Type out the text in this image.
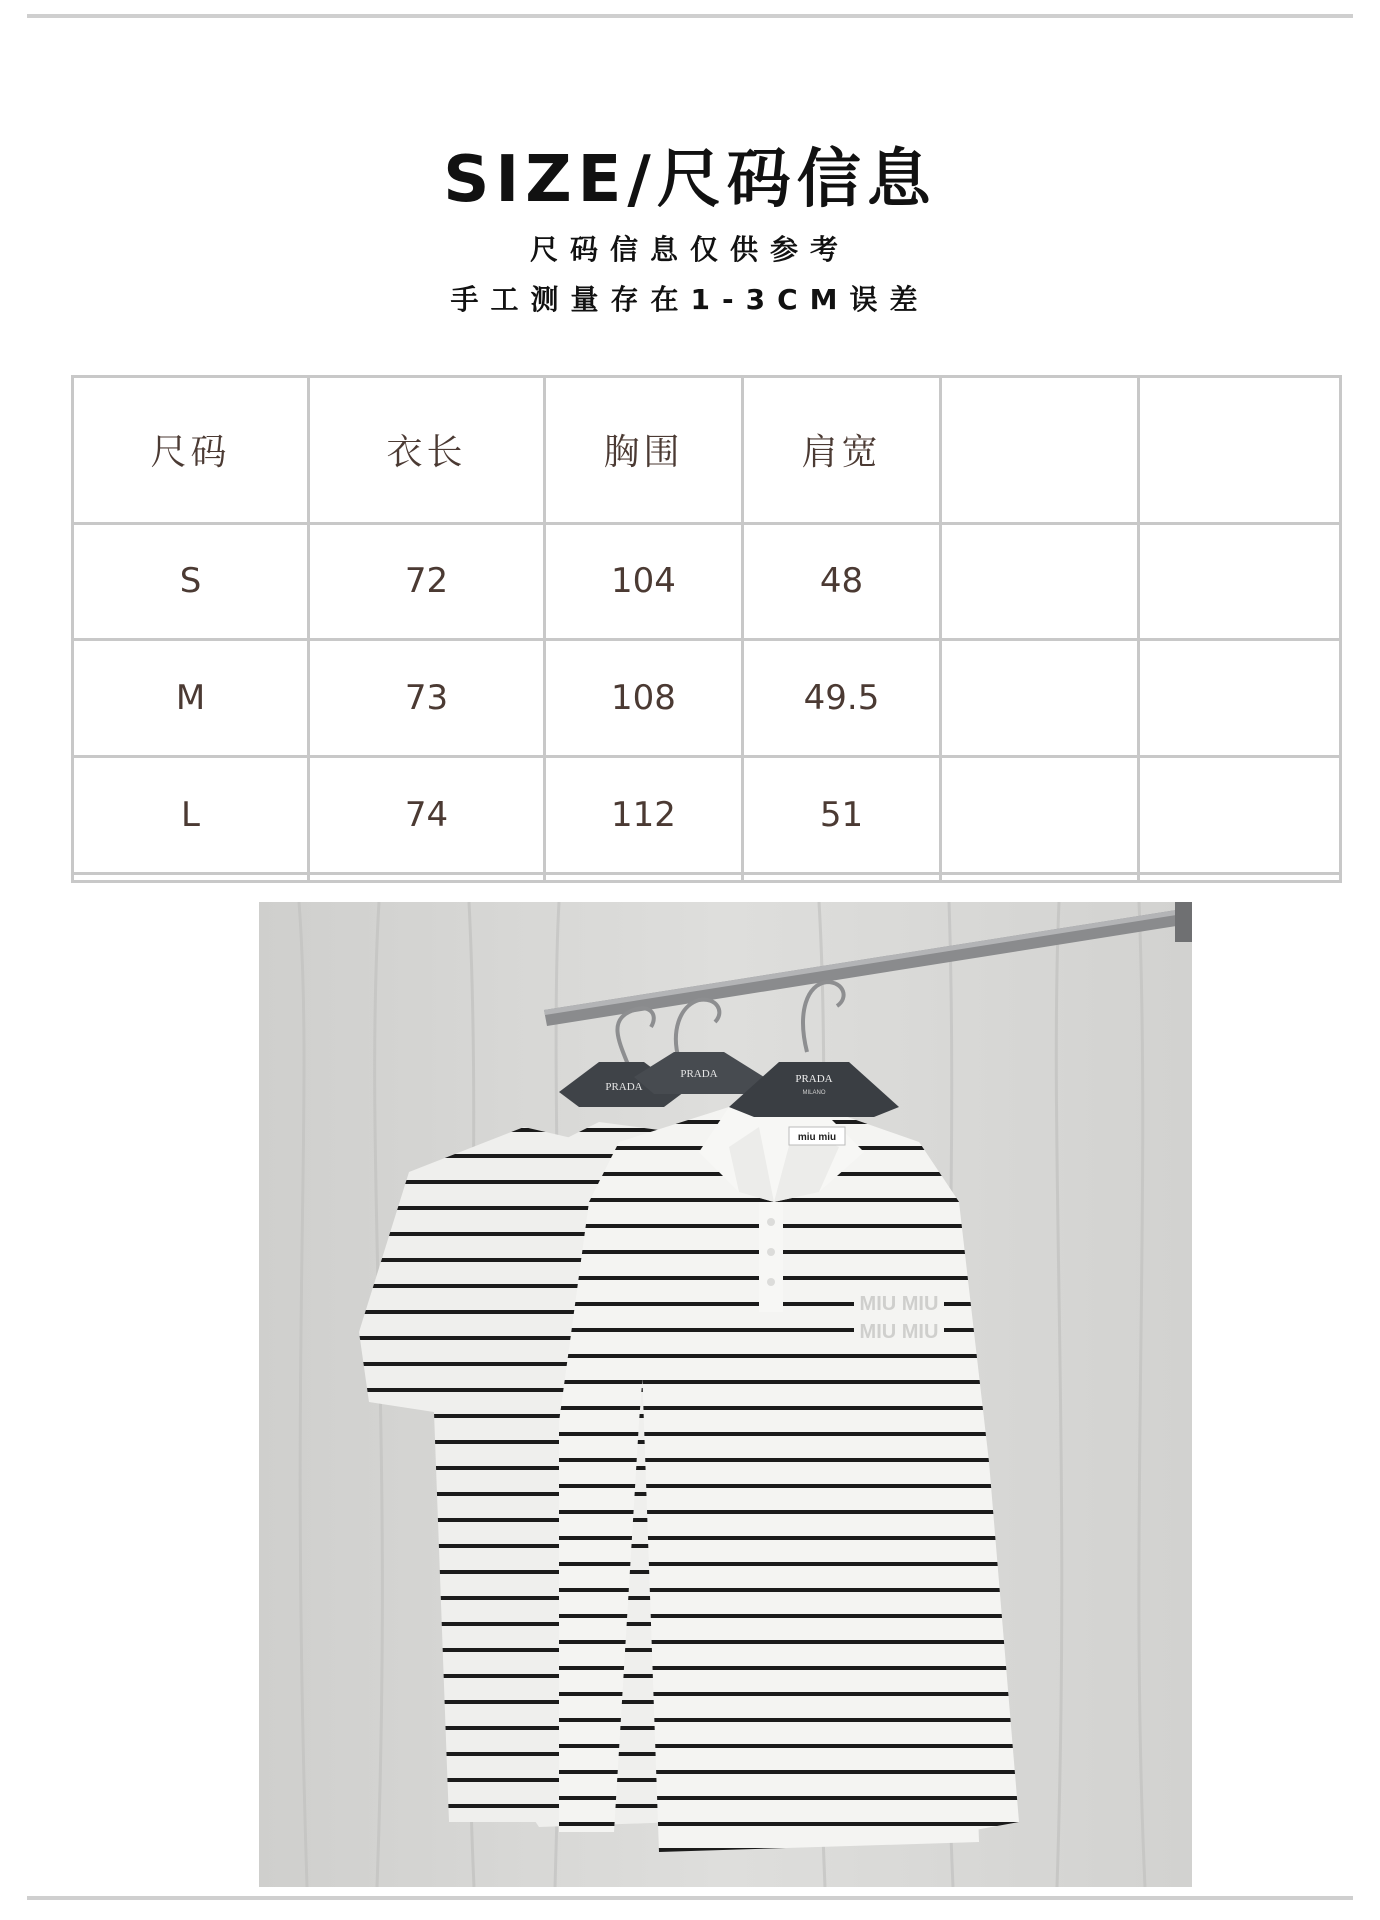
SIZE/尺码信息
尺码信息仅供参考
手工测量存在1-3CM误差
尺码	衣长	胸围	肩宽		
S	72	104	48		
M	73	108	49.5		
L	74	112	51		

PRADA
PRADA
MIU MIU
MIU MIU
PRADA
MILANO
miu miu
